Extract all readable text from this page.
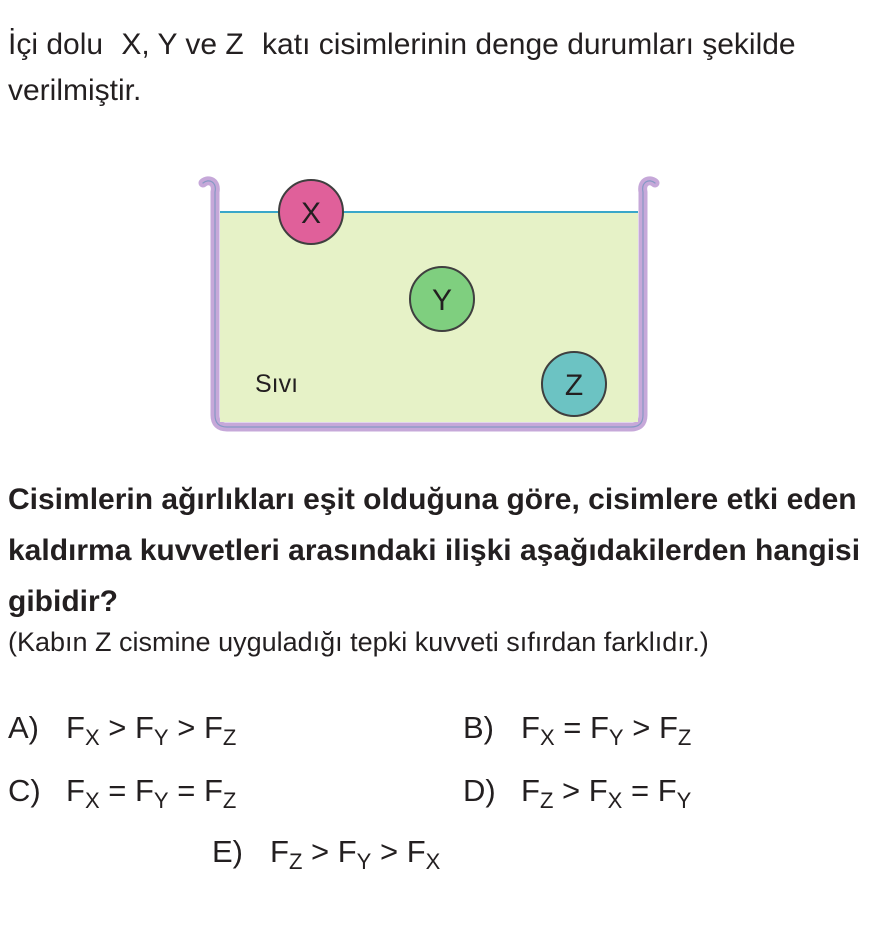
İçi dolu X, Y ve Z katı cisimlerinin denge durumları şekilde verilmiştir.

X
Y
Z
Sıvı

Cisimlerin ağırlıkları eşit olduğuna göre, cisimlere etki eden kaldırma kuvvetleri arasındaki ilişki aşağıdakilerden hangisi gibidir?

(Kabın Z cismine uyguladığı tepki kuvveti sıfırdan farklıdır.)

A) $F_X > F_Y > F_Z$	B) $F_X = F_Y > F_Z$
C) $F_X = F_Y = F_Z$	D) $F_Z > F_X = F_Y$
E) $F_Z > F_Y > F_X$
